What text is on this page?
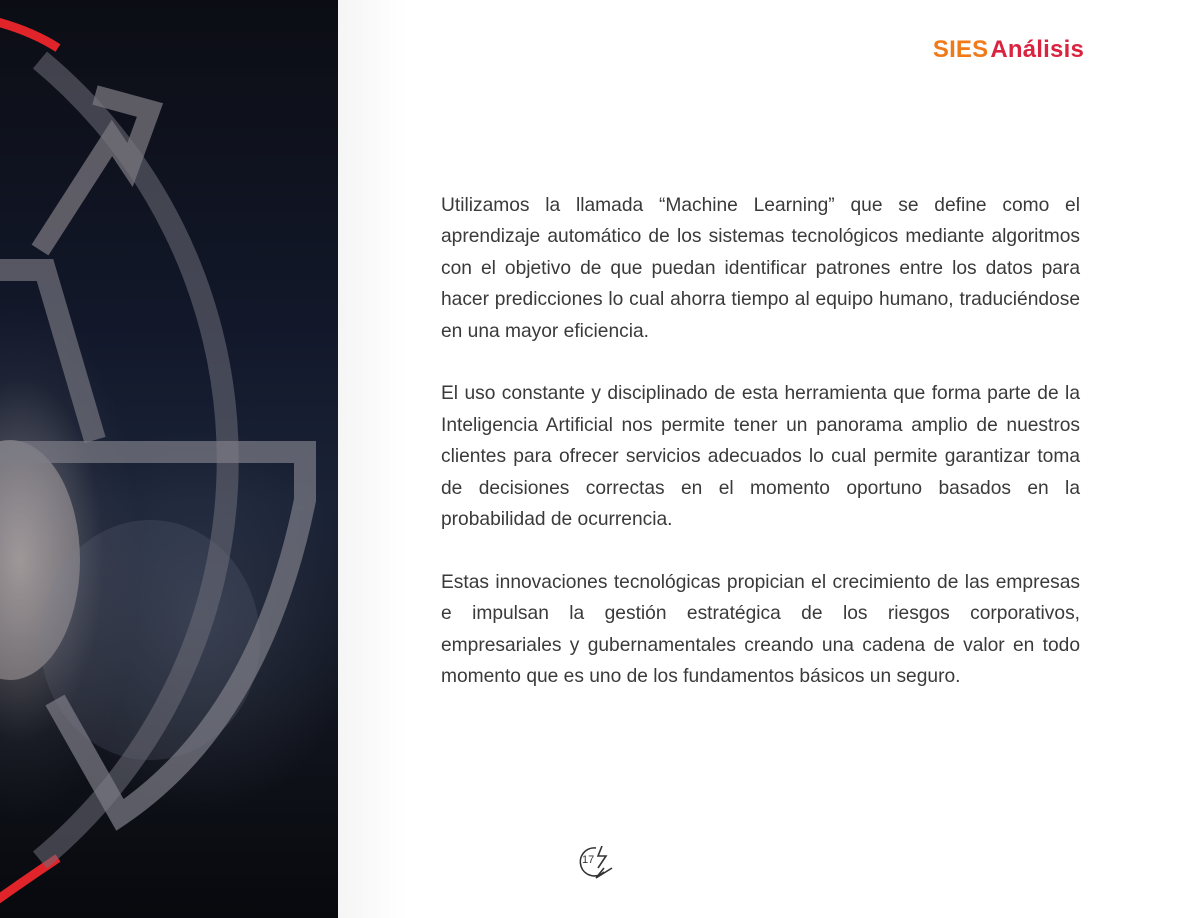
SIESAnálisis

Utilizamos la llamada “Machine Learning” que se define como el aprendizaje automático de los sistemas tecnológicos mediante algoritmos con el objetivo de que puedan identificar patrones entre los datos para hacer predicciones lo cual ahorra tiempo al equipo humano, traduciéndose en una mayor eficiencia.

El uso constante y disciplinado de esta herramienta que forma parte de la Inteligencia Artificial nos permite tener un panorama amplio de nuestros clientes para ofrecer servicios adecuados lo cual permite garantizar toma de decisiones correctas en el momento oportuno basados en la probabilidad de ocurrencia.

Estas innovaciones tecnológicas propician el crecimiento de las empresas e impulsan la gestión estratégica de los riesgos corporativos, empresariales y gubernamentales creando una cadena de valor en todo momento que es uno de los fundamentos básicos un seguro.

17
